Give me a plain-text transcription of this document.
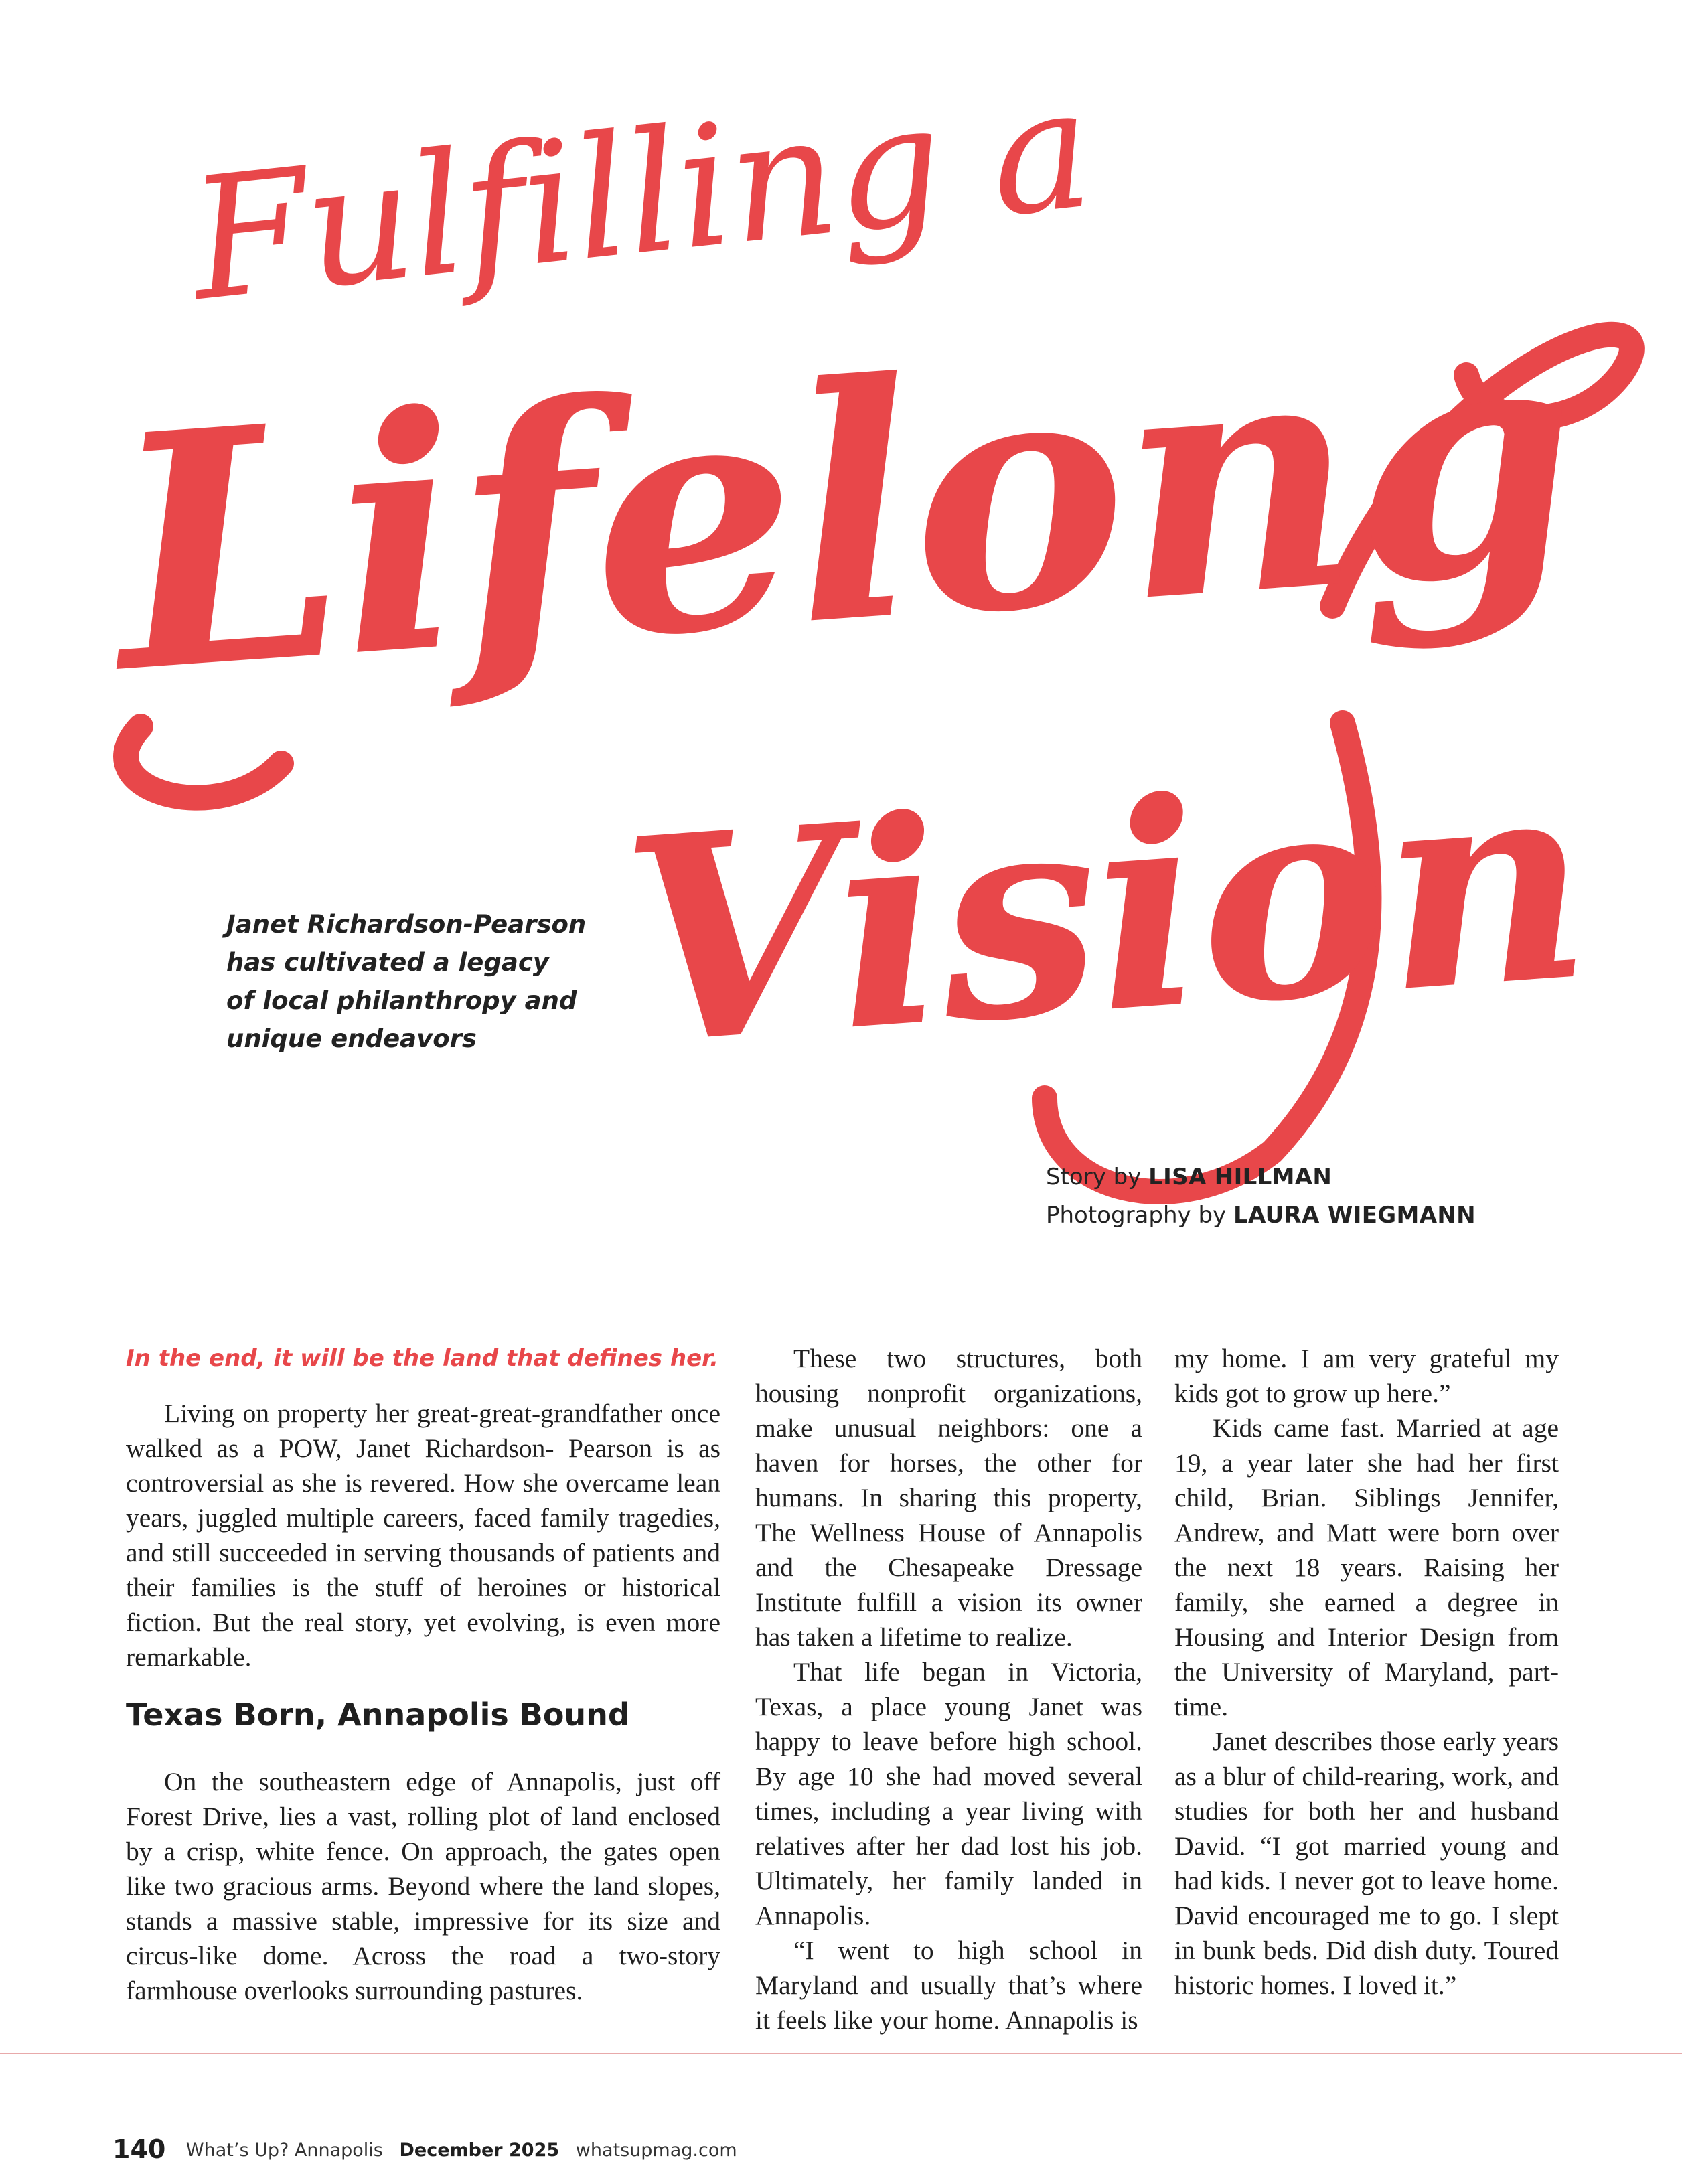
Fulfilling a
Lifelong
Vision
Janet Richardson-Pearson
has cultivated a legacy
of local philanthropy and
unique endeavors
Story by LISA HILLMAN
Photography by LAURA WIEGMANN
In the end, it will be the land that defines her.

Living on property her great-great-grandfather once walked as a POW, Janet Richardson- Pearson is as controversial as she is revered. How she overcame lean years, juggled multiple careers, faced family tragedies, and still succeeded in serving thousands of patients and their families is the stuff of heroines or historical fiction. But the real story, yet evolving, is even more remarkable.

Texas Born, Annapolis Bound

On the southeastern edge of Annapolis, just off Forest Drive, lies a vast, rolling plot of land enclosed by a crisp, white fence. On approach, the gates open like two gracious arms. Beyond where the land slopes, stands a massive stable, impressive for its size and circus-like dome. Across the road a two-story farmhouse overlooks surrounding pastures.

These two structures, both housing nonprofit organizations, make unusual neighbors: one a haven for horses, the other for humans. In sharing this property, The Wellness House of Annapolis and the Chesapeake Dressage Institute fulfill a vision its owner has taken a lifetime to realize.

That life began in Victoria, Texas, a place young Janet was happy to leave before high school. By age 10 she had moved several times, including a year living with relatives after her dad lost his job. Ultimately, her family landed in Annapolis.

“I went to high school in Maryland and usually that’s where it feels like your home. Annapolis is

my home. I am very grateful my kids got to grow up here.”

Kids came fast. Married at age 19, a year later she had her first child, Brian. Siblings Jennifer, Andrew, and Matt were born over the next 18 years. Raising her family, she earned a degree in Housing and Interior Design from the University of Maryland, part-time.

Janet describes those early years as a blur of child-rearing, work, and studies for both her and husband David. “I got married young and had kids. I never got to leave home. David encouraged me to go. I slept in bunk beds. Did dish duty. Toured historic homes. I loved it.”

140 What’s Up? Annapolis December 2025 whatsupmag.com
